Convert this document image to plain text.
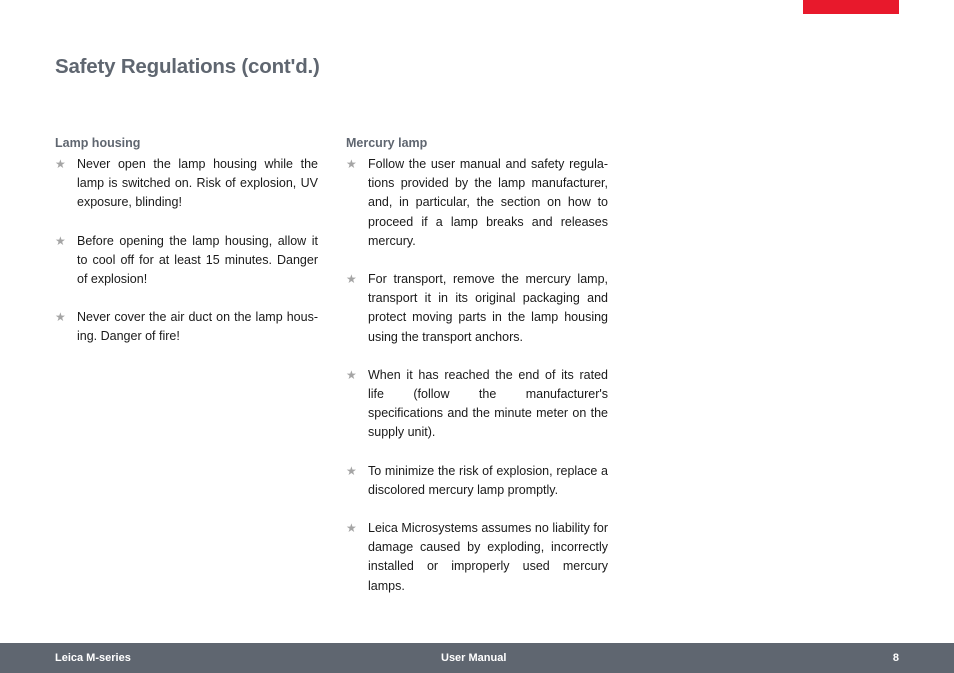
Safety Regulations (cont'd.)
Lamp housing
★ Never open the lamp housing while the lamp is switched on. Risk of explosion, UV exposure, blinding!
★ Before opening the lamp housing, allow it to cool off for at least 15 minutes. Danger of explosion!
★ Never cover the air duct on the lamp housing. Danger of fire!
Mercury lamp
★ Follow the user manual and safety regulations provided by the lamp manufacturer, and, in particular, the section on how to proceed if a lamp breaks and releases mercury.
★ For transport, remove the mercury lamp, transport it in its original packaging and protect moving parts in the lamp housing using the transport anchors.
★ When it has reached the end of its rated life (follow the manufacturer's specifications and the minute meter on the supply unit).
★ To minimize the risk of explosion, replace a discolored mercury lamp promptly.
★ Leica Microsystems assumes no liability for damage caused by exploding, incorrectly installed or improperly used mercury lamps.
Leica M-series	User Manual	8
